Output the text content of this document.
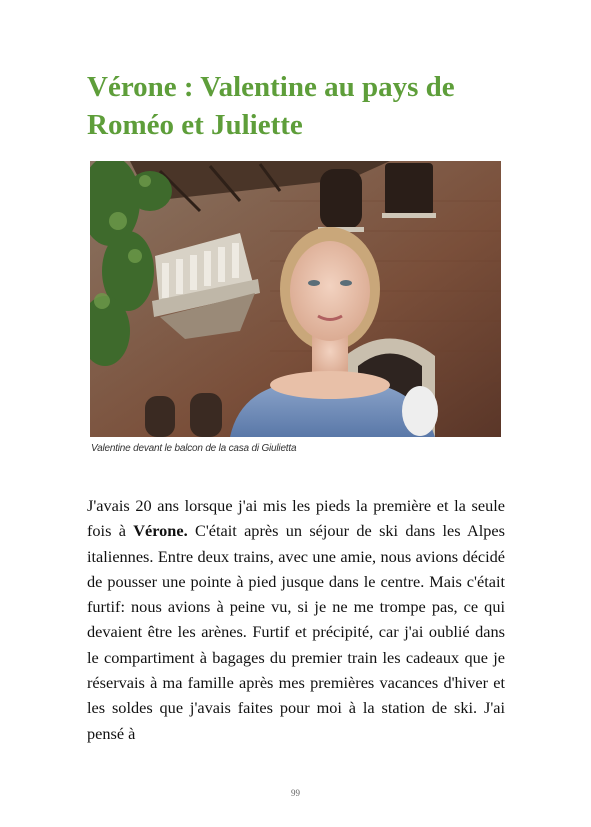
Vérone : Valentine au pays de Roméo et Juliette
Valentine devant le balcon de la casa di Giulietta

J'avais 20 ans lorsque j'ai mis les pieds la première et la seule fois à Vérone. C'était après un séjour de ski dans les Alpes italiennes. Entre deux trains, avec une amie, nous avions décidé de pousser une pointe à pied jusque dans le centre. Mais c'était furtif: nous avions à peine vu, si je ne me trompe pas, ce qui devaient être les arènes. Furtif et précipité, car j'ai oublié dans le compartiment à bagages du premier train les cadeaux que je réservais à ma famille après mes premières vacances d'hiver et les soldes que j'avais faites pour moi à la station de ski. J'ai pensé à

99
